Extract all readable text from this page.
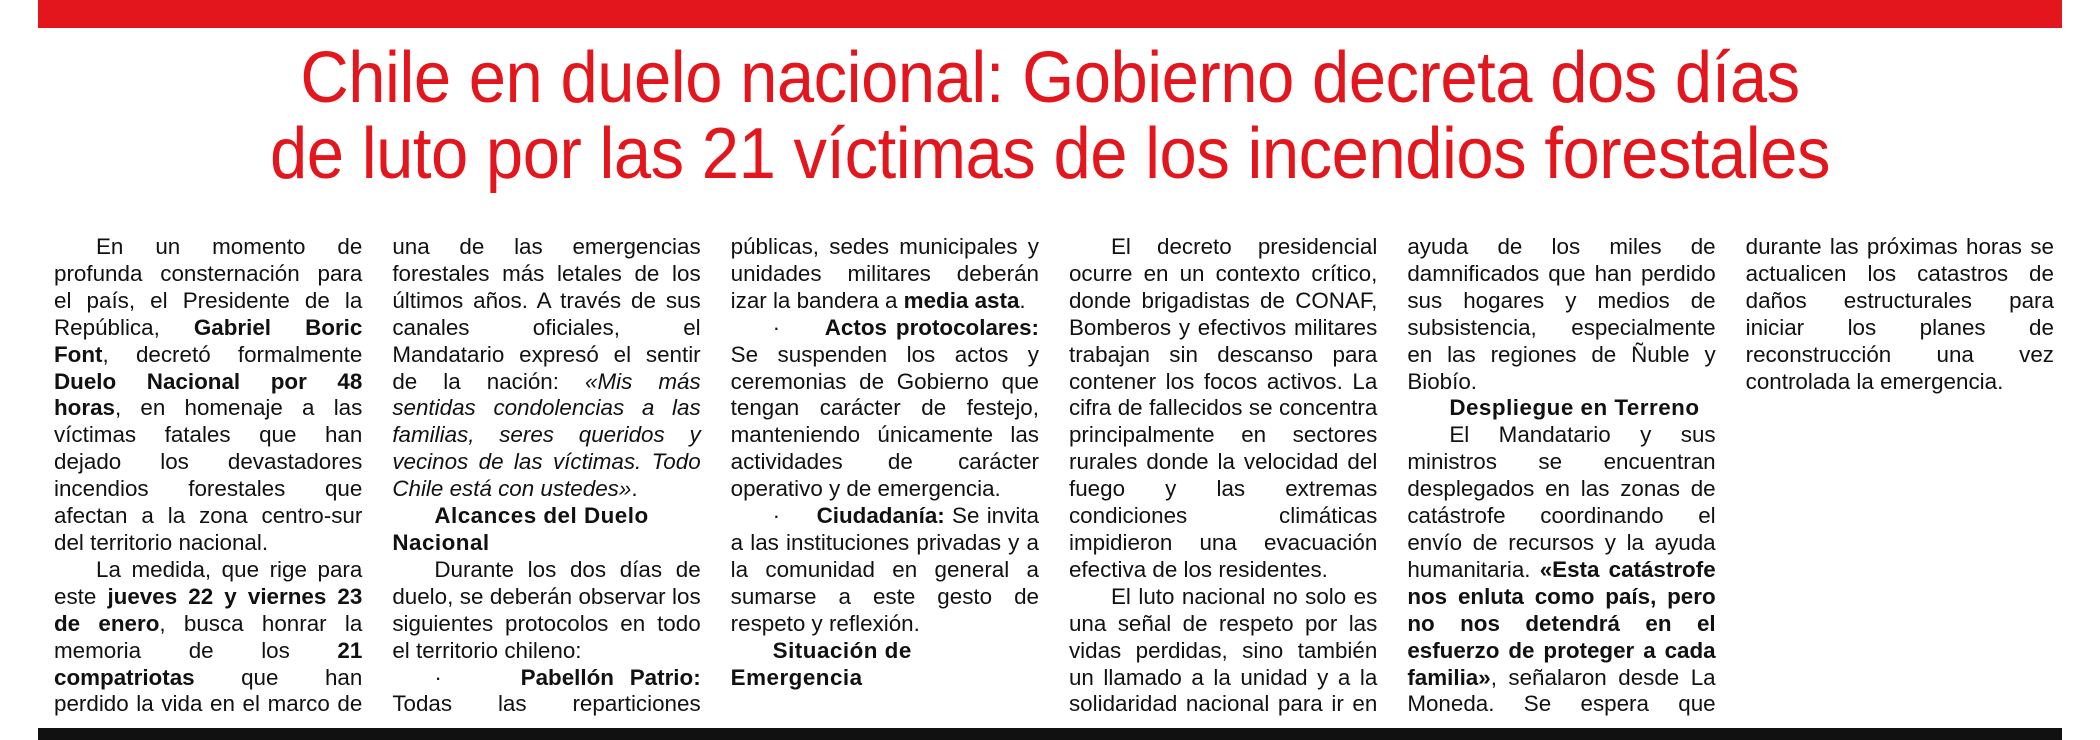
Chile en duelo nacional: Gobierno decreta dos días
de luto por las 21 víctimas de los incendios forestales

En un momento de profunda consternación para el país, el Presidente de la República, Gabriel Boric Font, decretó formalmente Duelo Nacional por 48 horas, en homenaje a las víctimas fatales que han dejado los devastadores incendios forestales que afectan a la zona centro-sur del territorio nacional.

La medida, que rige para este jueves 22 y viernes 23 de enero, busca honrar la memoria de los 21 compatriotas que han perdido la vida en el marco de una de las emergencias forestales más letales de los últimos años. A través de sus canales oficiales, el Mandatario expresó el sentir de la nación: «Mis más sentidas condolencias a las familias, seres queridos y vecinos de las víctimas. Todo Chile está con ustedes».

Alcances del Duelo Nacional

Durante los dos días de duelo, se deberán observar los siguientes protocolos en todo el territorio chileno:

·	Pabellón Patrio: Todas las reparticiones públicas, sedes municipales y unidades militares deberán izar la bandera a media asta.

· Actos protocolares: Se suspenden los actos y ceremonias de Gobierno que tengan carácter de festejo, manteniendo únicamente las actividades de carácter operativo y de emergencia.

· Ciudadanía: Se invita a las instituciones privadas y a la comunidad en general a sumarse a este gesto de respeto y reflexión.

Situación de Emergencia

El decreto presidencial ocurre en un contexto crítico, donde brigadistas de CONAF, Bomberos y efectivos militares trabajan sin descanso para contener los focos activos. La cifra de fallecidos se concentra principalmente en sectores rurales donde la velocidad del fuego y las extremas condiciones climáticas impidieron una evacuación efectiva de los residentes.

El luto nacional no solo es una señal de respeto por las vidas perdidas, sino también un llamado a la unidad y a la solidaridad nacional para ir en ayuda de los miles de damnificados que han perdido sus hogares y medios de subsistencia, especialmente en las regiones de Ñuble y Biobío.

Despliegue en Terreno

El Mandatario y sus ministros se encuentran desplegados en las zonas de catástrofe coordinando el envío de recursos y la ayuda humanitaria. «Esta catástrofe nos enluta como país, pero no nos detendrá en el esfuerzo de proteger a cada familia», señalaron desde La Moneda. Se espera que durante las próximas horas se actualicen los catastros de daños estructurales para iniciar los planes de reconstrucción una vez controlada la emergencia.
